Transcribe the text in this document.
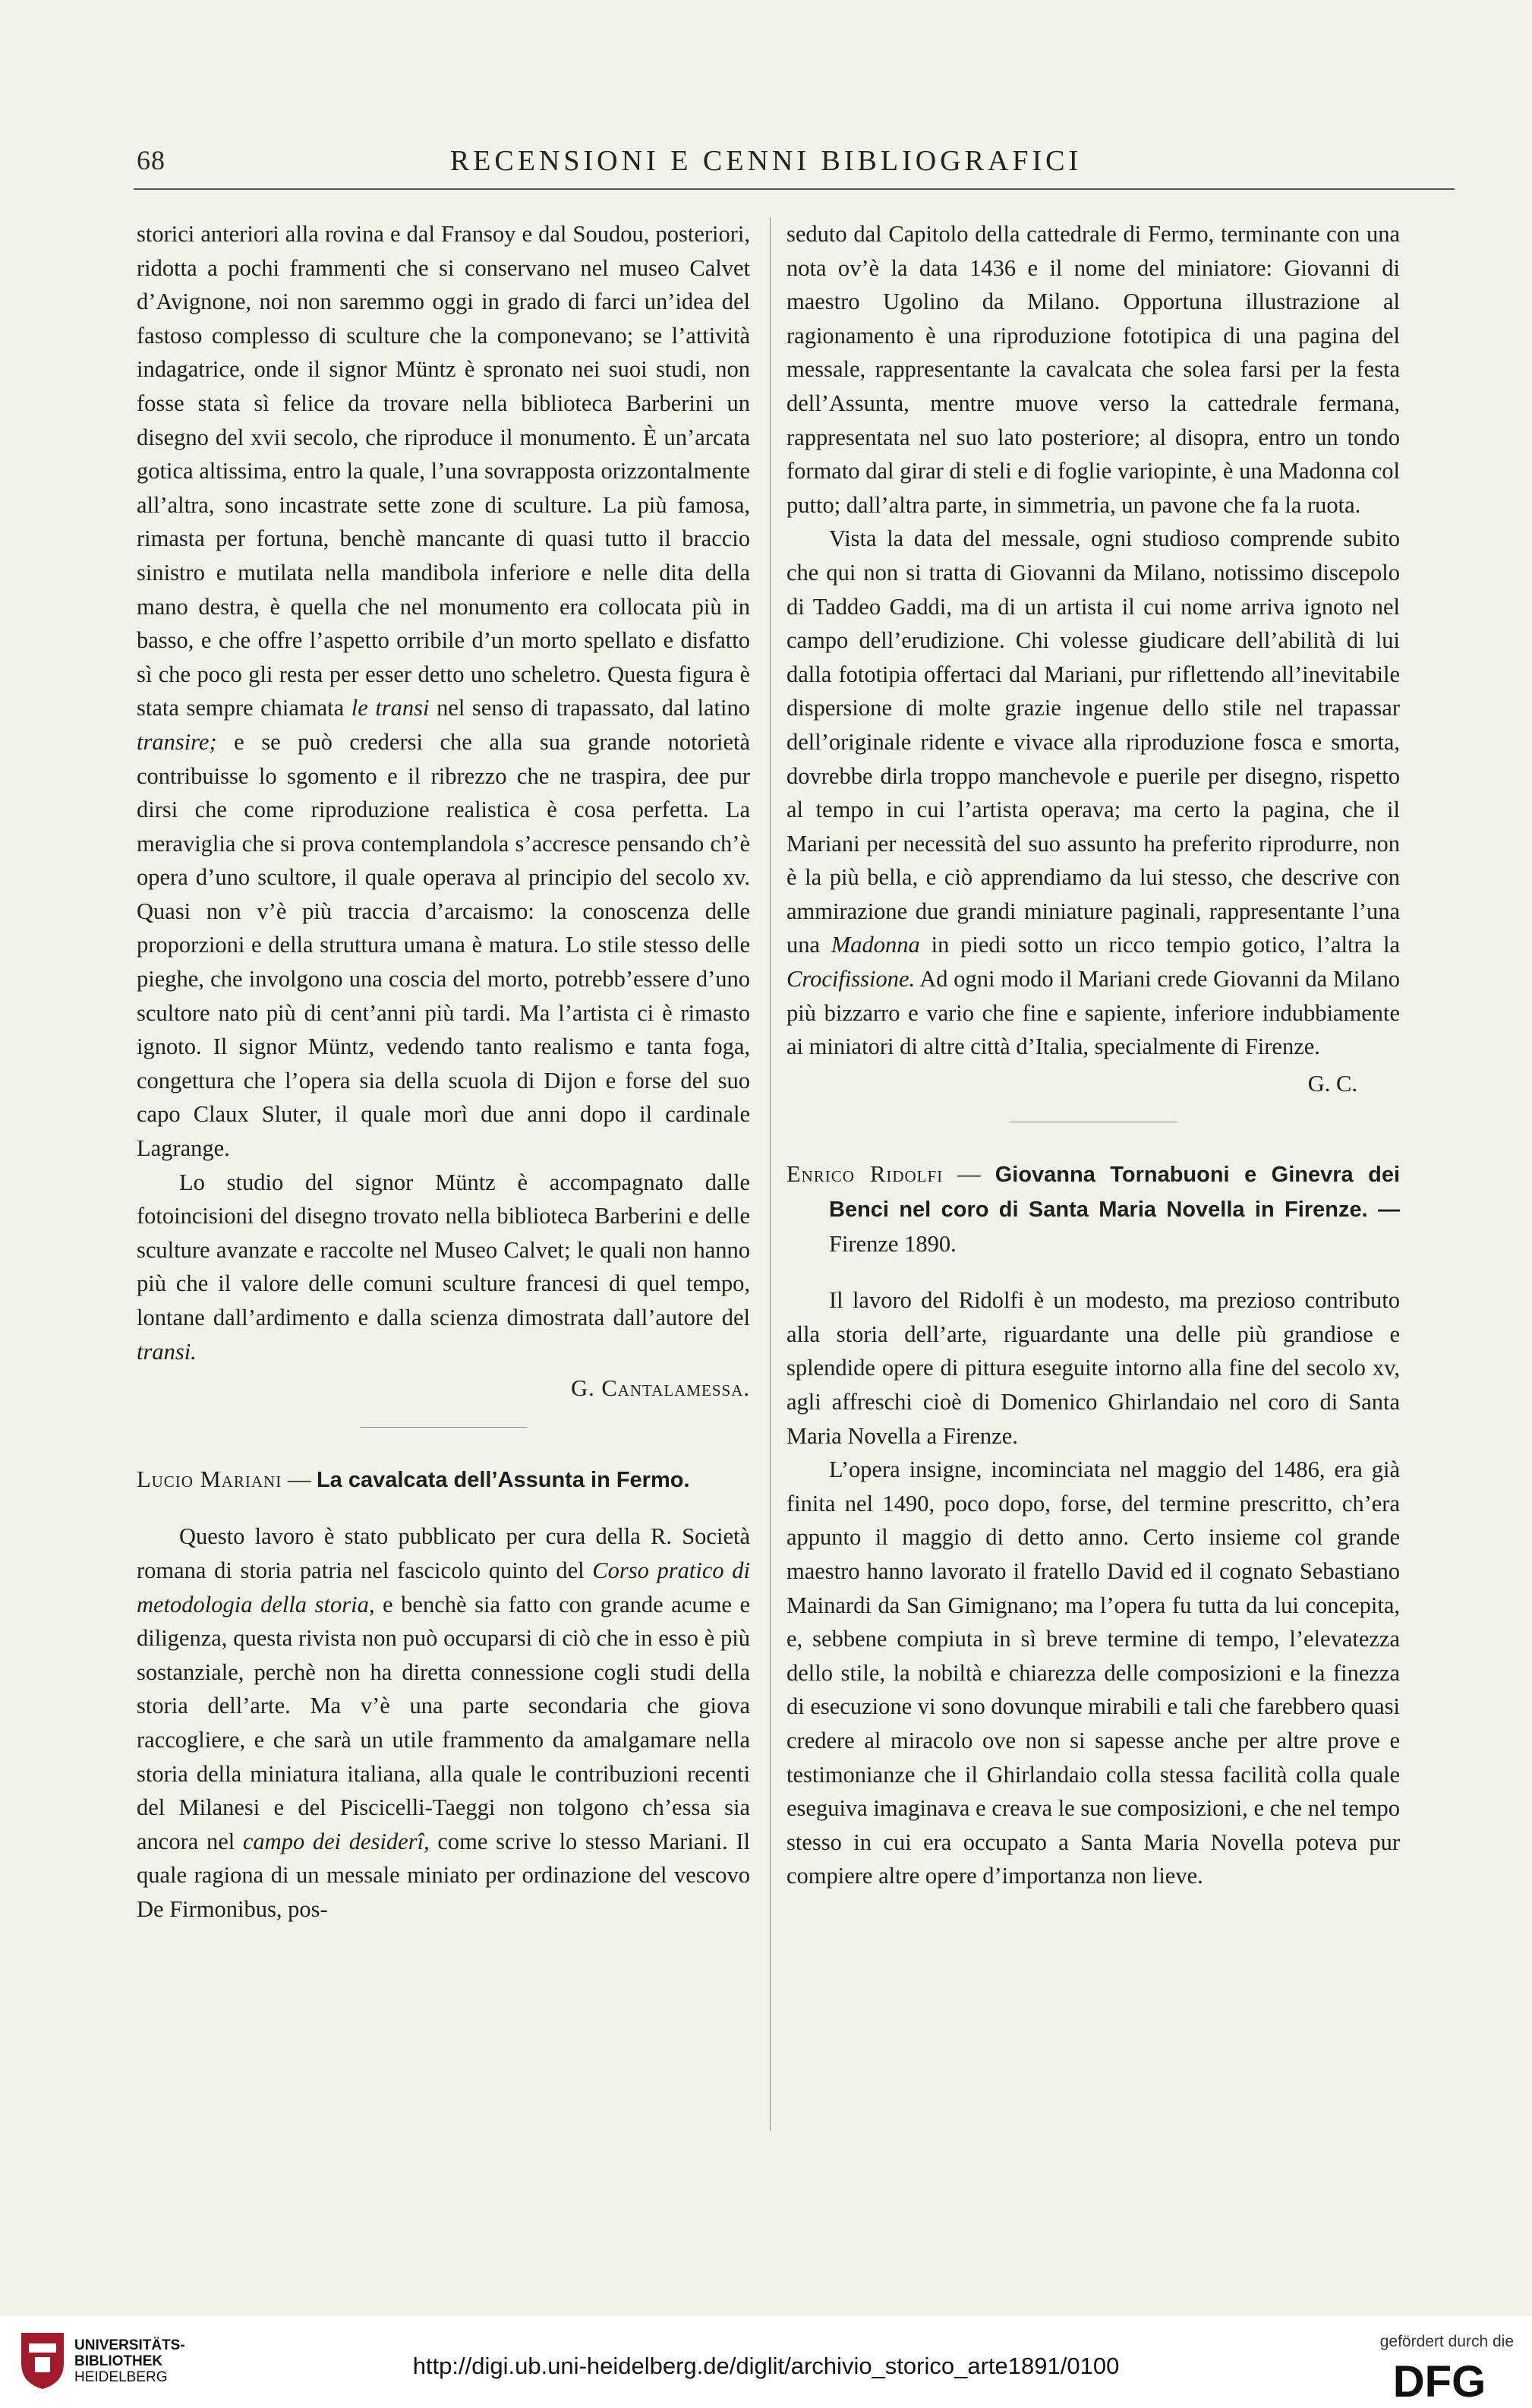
68	RECENSIONI E CENNI BIBLIOGRAFICI

storici anteriori alla rovina e dal Fransoy e dal Soudou, posteriori, ridotta a pochi frammenti che si conservano nel museo Calvet d’Avignone, noi non saremmo oggi in grado di farci un’idea del fastoso complesso di sculture che la componevano; se l’attività indagatrice, onde il signor Müntz è spronato nei suoi studi, non fosse stata sì felice da trovare nella biblioteca Barberini un disegno del xvii secolo, che riproduce il monumento. È un’arcata gotica altissima, entro la quale, l’una sovrapposta orizzontalmente all’altra, sono incastrate sette zone di sculture. La più famosa, rimasta per fortuna, benchè mancante di quasi tutto il braccio sinistro e mutilata nella mandibola inferiore e nelle dita della mano destra, è quella che nel monumento era collocata più in basso, e che offre l’aspetto orribile d’un morto spellato e disfatto sì che poco gli resta per esser detto uno scheletro. Questa figura è stata sempre chiamata le transi nel senso di trapassato, dal latino transire; e se può credersi che alla sua grande notorietà contribuisse lo sgomento e il ribrezzo che ne traspira, dee pur dirsi che come riproduzione realistica è cosa perfetta. La meraviglia che si prova contemplandola s’accresce pensando ch’è opera d’uno scultore, il quale operava al principio del secolo xv. Quasi non v’è più traccia d’arcaismo: la conoscenza delle proporzioni e della struttura umana è matura. Lo stile stesso delle pieghe, che involgono una coscia del morto, potrebb’essere d’uno scultore nato più di cent’anni più tardi. Ma l’artista ci è rimasto ignoto. Il signor Müntz, vedendo tanto realismo e tanta foga, congettura che l’opera sia della scuola di Dijon e forse del suo capo Claux Sluter, il quale morì due anni dopo il cardinale Lagrange.

Lo studio del signor Müntz è accompagnato dalle fotoincisioni del disegno trovato nella biblioteca Barberini e delle sculture avanzate e raccolte nel Museo Calvet; le quali non hanno più che il valore delle comuni sculture francesi di quel tempo, lontane dall’ardimento e dalla scienza dimostrata dall’autore del transi.

G. Cantalamessa.

Lucio Mariani — La cavalcata dell’Assunta in Fermo.

Questo lavoro è stato pubblicato per cura della R. Società romana di storia patria nel fascicolo quinto del Corso pratico di metodologia della storia, e benchè sia fatto con grande acume e diligenza, questa rivista non può occuparsi di ciò che in esso è più sostanziale, perchè non ha diretta connessione cogli studi della storia dell’arte. Ma v’è una parte secondaria che giova raccogliere, e che sarà un utile frammento da amalgamare nella storia della miniatura italiana, alla quale le contribuzioni recenti del Milanesi e del Piscicelli-Taeggi non tolgono ch’essa sia ancora nel campo dei desiderî, come scrive lo stesso Mariani. Il quale ragiona di un messale miniato per ordinazione del vescovo De Firmonibus, pos-

seduto dal Capitolo della cattedrale di Fermo, terminante con una nota ov’è la data 1436 e il nome del miniatore: Giovanni di maestro Ugolino da Milano. Opportuna illustrazione al ragionamento è una riproduzione fototipica di una pagina del messale, rappresentante la cavalcata che solea farsi per la festa dell’Assunta, mentre muove verso la cattedrale fermana, rappresentata nel suo lato posteriore; al disopra, entro un tondo formato dal girar di steli e di foglie variopinte, è una Madonna col putto; dall’altra parte, in simmetria, un pavone che fa la ruota.

Vista la data del messale, ogni studioso comprende subito che qui non si tratta di Giovanni da Milano, notissimo discepolo di Taddeo Gaddi, ma di un artista il cui nome arriva ignoto nel campo dell’erudizione. Chi volesse giudicare dell’abilità di lui dalla fototipia offertaci dal Mariani, pur riflettendo all’inevitabile dispersione di molte grazie ingenue dello stile nel trapassar dell’originale ridente e vivace alla riproduzione fosca e smorta, dovrebbe dirla troppo manchevole e puerile per disegno, rispetto al tempo in cui l’artista operava; ma certo la pagina, che il Mariani per necessità del suo assunto ha preferito riprodurre, non è la più bella, e ciò apprendiamo da lui stesso, che descrive con ammirazione due grandi miniature paginali, rappresentante l’una una Madonna in piedi sotto un ricco tempio gotico, l’altra la Crocifissione. Ad ogni modo il Mariani crede Giovanni da Milano più bizzarro e vario che fine e sapiente, inferiore indubbiamente ai miniatori di altre città d’Italia, specialmente di Firenze.

G. C.

Enrico Ridolfi — Giovanna Tornabuoni e Ginevra dei Benci nel coro di Santa Maria Novella in Firenze. — Firenze 1890.

Il lavoro del Ridolfi è un modesto, ma prezioso contributo alla storia dell’arte, riguardante una delle più grandiose e splendide opere di pittura eseguite intorno alla fine del secolo xv, agli affreschi cioè di Domenico Ghirlandaio nel coro di Santa Maria Novella a Firenze.

L’opera insigne, incominciata nel maggio del 1486, era già finita nel 1490, poco dopo, forse, del termine prescritto, ch’era appunto il maggio di detto anno. Certo insieme col grande maestro hanno lavorato il fratello David ed il cognato Sebastiano Mainardi da San Gimignano; ma l’opera fu tutta da lui concepita, e, sebbene compiuta in sì breve termine di tempo, l’elevatezza dello stile, la nobiltà e chiarezza delle composizioni e la finezza di esecuzione vi sono dovunque mirabili e tali che farebbero quasi credere al miracolo ove non si sapesse anche per altre prove e testimonianze che il Ghirlandaio colla stessa facilità colla quale eseguiva imaginava e creava le sue composizioni, e che nel tempo stesso in cui era occupato a Santa Maria Novella poteva pur compiere altre opere d’importanza non lieve.

UNIVERSITÄTS-
BIBLIOTHEK
HEIDELBERG	http://digi.ub.uni-heidelberg.de/diglit/archivio_storico_arte1891/0100
gefördert durch die
DFG
